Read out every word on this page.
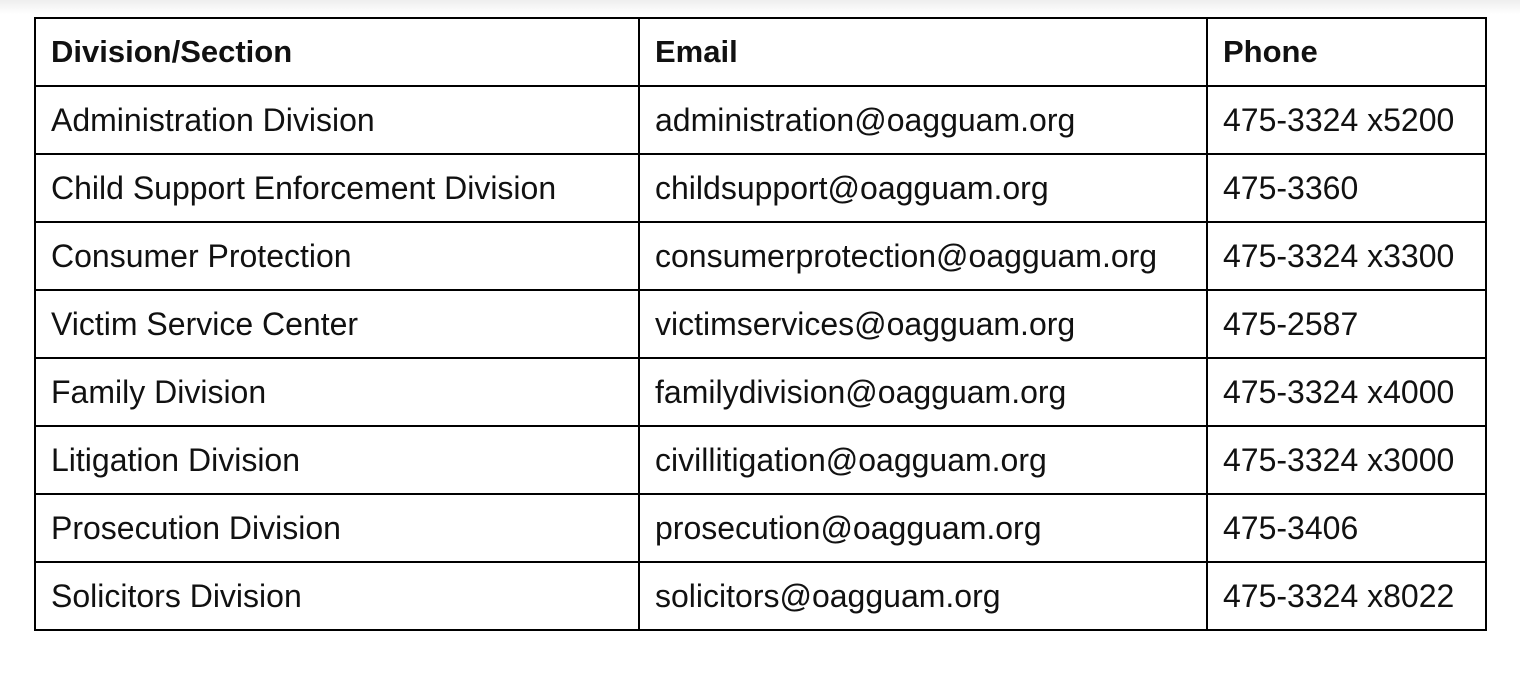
Division/Section	Email	Phone
Administration Division	administration@oagguam.org	475-3324 x5200
Child Support Enforcement Division	childsupport@oagguam.org	475-3360
Consumer Protection	consumerprotection@oagguam.org	475-3324 x3300
Victim Service Center	victimservices@oagguam.org	475-2587
Family Division	familydivision@oagguam.org	475-3324 x4000
Litigation Division	civillitigation@oagguam.org	475-3324 x3000
Prosecution Division	prosecution@oagguam.org	475-3406
Solicitors Division	solicitors@oagguam.org	475-3324 x8022
